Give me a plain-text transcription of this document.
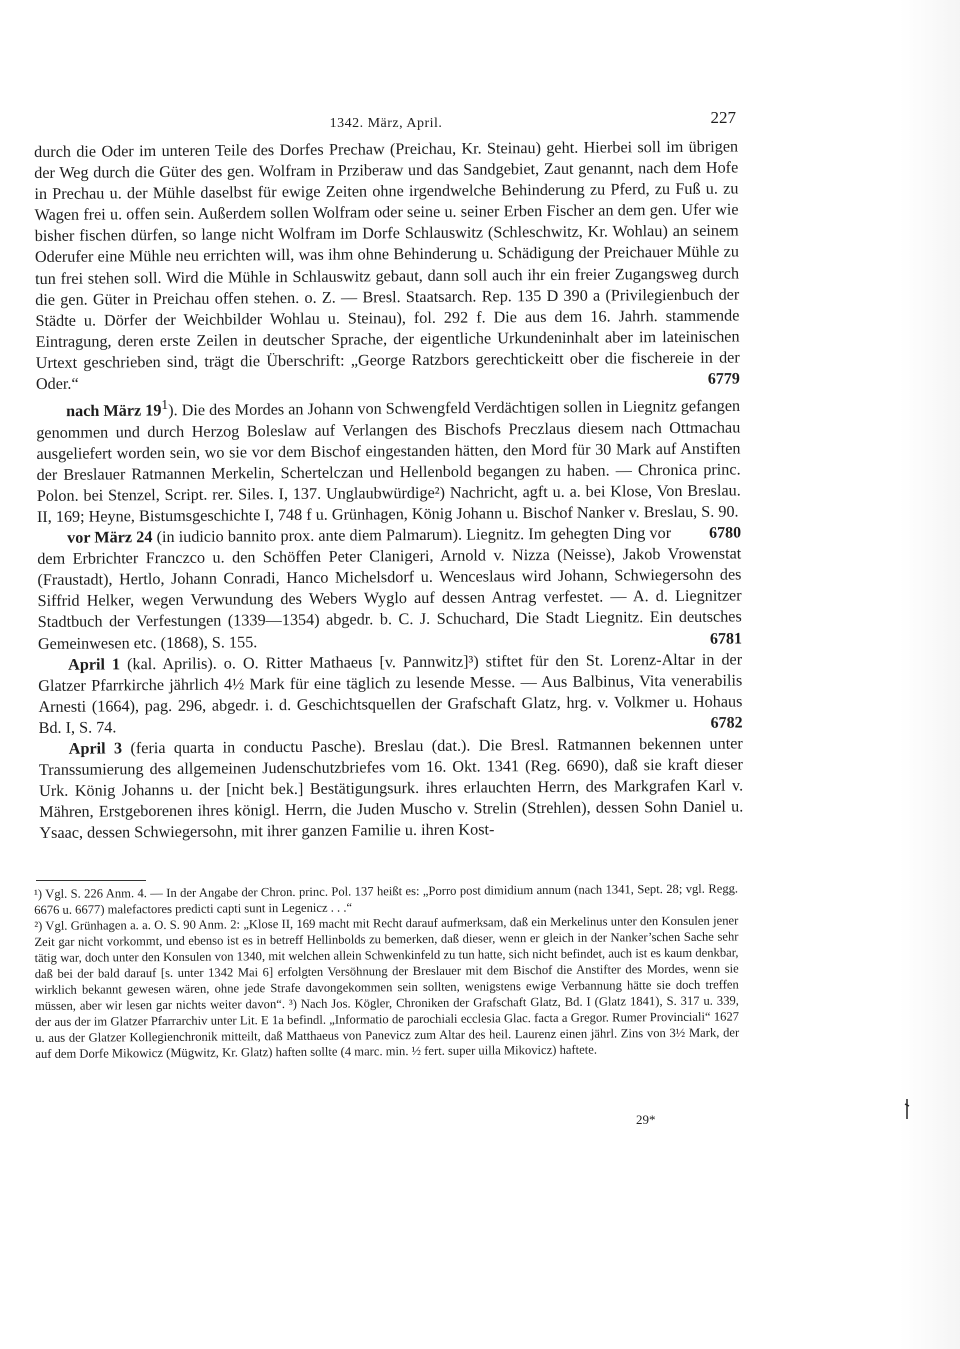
1342. März, April.	227

durch die Oder im unteren Teile des Dorfes Prechaw (Preichau, Kr. Steinau) geht. Hierbei soll im übrigen der Weg durch die Güter des gen. Wolfram in Prziberaw und das Sandgebiet, Zaut genannt, nach dem Hofe in Prechau u. der Mühle daselbst für ewige Zeiten ohne irgendwelche Behinderung zu Pferd, zu Fuß u. zu Wagen frei u. offen sein. Außerdem sollen Wolfram oder seine u. seiner Erben Fischer an dem gen. Ufer wie bisher fischen dürfen, so lange nicht Wolfram im Dorfe Schlauswitz (Schleschwitz, Kr. Wohlau) an seinem Oderufer eine Mühle neu errichten will, was ihm ohne Behinderung u. Schädigung der Preichauer Mühle zu tun frei stehen soll. Wird die Mühle in Schlauswitz gebaut, dann soll auch ihr ein freier Zugangsweg durch die gen. Güter in Preichau offen stehen. o. Z. — Bresl. Staatsarch. Rep. 135 D 390 a (Privilegienbuch der Städte u. Dörfer der Weichbilder Wohlau u. Steinau), fol. 292 f. Die aus dem 16. Jahrh. stammende Eintragung, deren erste Zeilen in deutscher Sprache, der eigentliche Urkundeninhalt aber im lateinischen Urtext geschrieben sind, trägt die Überschrift: „George Ratzbors gerechtickeitt ober die fischereie in der Oder.“	6779

nach März $19^1$). Die des Mordes an Johann von Schwengfeld Verdächtigen sollen in Liegnitz gefangen genommen und durch Herzog Boleslaw auf Verlangen des Bischofs Preczlaus diesem nach Ottmachau ausgeliefert worden sein, wo sie vor dem Bischof eingestanden hätten, den Mord für 30 Mark auf Anstiften der Breslauer Ratmannen Merkelin, Schertelczan und Hellenbold begangen zu haben. — Chronica princ. Polon. bei Stenzel, Script. rer. Siles. I, 137. Unglaubwürdige²) Nachricht, agft u. a. bei Klose, Von Breslau. II, 169; Heyne, Bistumsgeschichte I, 748 f u. Grünhagen, König Johann u. Bischof Nanker v. Breslau, S. 90.
6780

vor März 24 (in iudicio bannito prox. ante diem Palmarum). Liegnitz. Im gehegten Ding vor dem Erbrichter Franczco u. den Schöffen Peter Clanigeri, Arnold v. Nizza (Neisse), Jakob Vrowenstat (Fraustadt), Hertlo, Johann Conradi, Hanco Michelsdorf u. Wenceslaus wird Johann, Schwiegersohn des Siffrid Helker, wegen Verwundung des Webers Wyglo auf dessen Antrag verfestet. — A. d. Liegnitzer Stadtbuch der Verfestungen (1339—1354) abgedr. b. C. J. Schuchard, Die Stadt Liegnitz. Ein deutsches Gemeinwesen etc. (1868), S. 155.	6781

April 1 (kal. Aprilis). o. O. Ritter Mathaeus [v. Pannwitz]³) stiftet für den St. Lorenz-Altar in der Glatzer Pfarrkirche jährlich 4½ Mark für eine täglich zu lesende Messe. — Aus Balbinus, Vita venerabilis Arnesti (1664), pag. 296, abgedr. i. d. Geschichtsquellen der Grafschaft Glatz, hrg. v. Volkmer u. Hohaus Bd. I, S. 74.	6782

April 3 (feria quarta in conductu Pasche). Breslau (dat.). Die Bresl. Ratmannen bekennen unter Transsumierung des allgemeinen Judenschutzbriefes vom 16. Okt. 1341 (Reg. 6690), daß sie kraft dieser Urk. König Johanns u. der [nicht bek.] Bestätigungsurk. ihres erlauchten Herrn, des Markgrafen Karl v. Mähren, Erstgeborenen ihres königl. Herrn, die Juden Muscho v. Strelin (Strehlen), dessen Sohn Daniel u. Ysaac, dessen Schwiegersohn, mit ihrer ganzen Familie u. ihren Kost-

¹) Vgl. S. 226 Anm. 4. — In der Angabe der Chron. princ. Pol. 137 heißt es: „Porro post dimidium annum (nach 1341, Sept. 28; vgl. Regg. 6676 u. 6677) malefactores predicti capti sunt in Legenicz . . .“

²) Vgl. Grünhagen a. a. O. S. 90 Anm. 2: „Klose II, 169 macht mit Recht darauf aufmerksam, daß ein Merkelinus unter den Konsulen jener Zeit gar nicht vorkommt, und ebenso ist es in betreff Hellinbolds zu bemerken, daß dieser, wenn er gleich in der Nanker’schen Sache sehr tätig war, doch unter den Konsulen von 1340, mit welchen allein Schwenkinfeld zu tun hatte, sich nicht befindet, auch ist es kaum denkbar, daß bei der bald darauf [s. unter 1342 Mai 6] erfolgten Versöhnung der Breslauer mit dem Bischof die Anstifter des Mordes, wenn sie wirklich bekannt gewesen wären, ohne jede Strafe davongekommen sein sollten, wenigstens ewige Verbannung hätte sie doch treffen müssen, aber wir lesen gar nichts weiter davon“. ³) Nach Jos. Kögler, Chroniken der Grafschaft Glatz, Bd. I (Glatz 1841), S. 317 u. 339, der aus der im Glatzer Pfarrarchiv unter Lit. E 1a befindl. „Informatio de parochiali ecclesia Glac. facta a Gregor. Rumer Provinciali“ 1627 u. aus der Glatzer Kollegienchronik mitteilt, daß Matthaeus von Panevicz zum Altar des heil. Laurenz einen jährl. Zins von 3½ Mark, der auf dem Dorfe Mikowicz (Mügwitz, Kr. Glatz) haften sollte (4 marc. min. ½ fert. super uilla Mikovicz) haftete.

29*
